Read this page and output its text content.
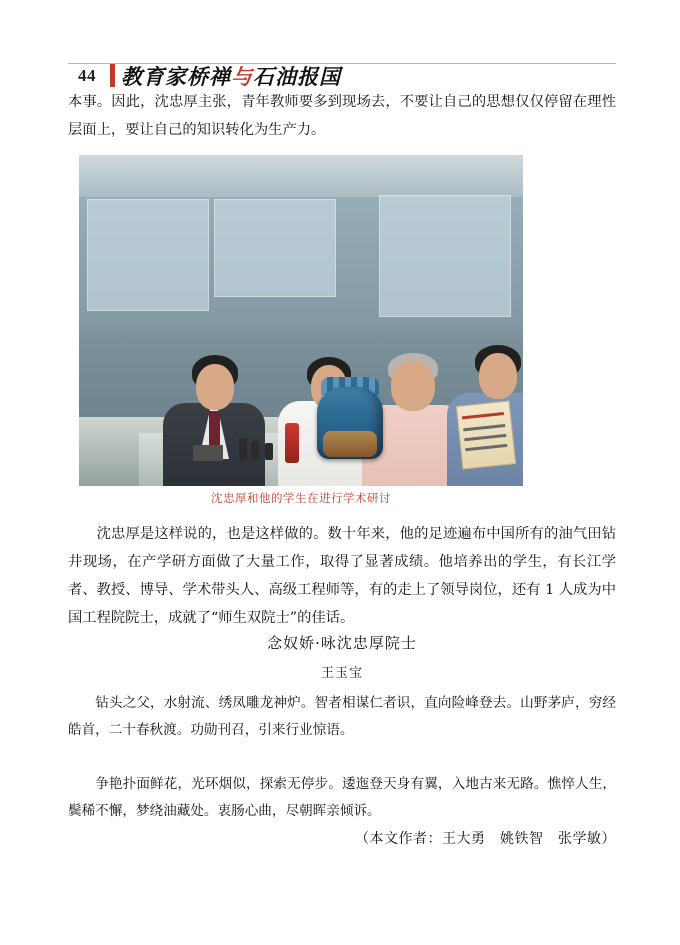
44 教育家桥禅与石油报国
本事。因此，沈忠厚主张，青年教师要多到现场去，不要让自己的思想仅仅停留在理性层面上，要让自己的知识转化为生产力。
沈忠厚和他的学生在进行学术研讨
沈忠厚是这样说的，也是这样做的。数十年来，他的足迹遍布中国所有的油气田钻井现场，在产学研方面做了大量工作，取得了显著成绩。他培养出的学生，有长江学者、教授、博导、学术带头人、高级工程师等，有的走上了领导岗位，还有 1 人成为中国工程院院士，成就了“师生双院士”的佳话。
念奴娇·咏沈忠厚院士
王玉宝
钻头之父，水射流、绣凤雕龙神炉。智者相谋仁者识，直向险峰登去。山野茅庐，穷经皓首，二十春秋渡。功勋刊召，引来行业惊语。
争艳扑面鲜花，光环烟似，探索无停步。逶迤登天身有翼，入地古来无路。憔悴人生，鬓稀不懈，梦绕油藏处。衷肠心曲，尽朝晖亲倾诉。
（本文作者：王大勇　姚铁智　张学敏）
